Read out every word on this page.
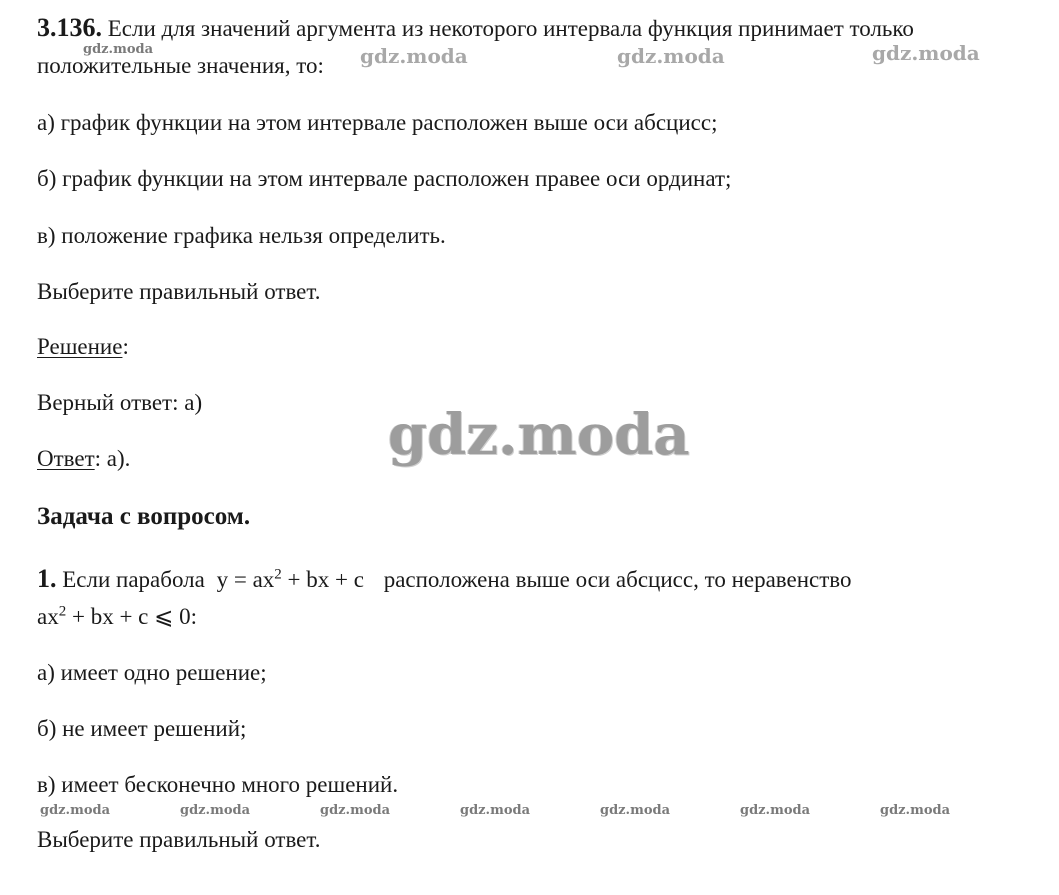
3.136. Если для значений аргумента из некоторого интервала функция принимает только
положительные значения, то:
а) график функции на этом интервале расположен выше оси абсцисс;
б) график функции на этом интервале расположен правее оси ординат;
в) положение графика нельзя определить.
Выберите правильный ответ.
Решение:
Верный ответ: а)
Ответ: а).
Задача с вопросом.
1. Если парабола $y = ax^2$ + bx + c расположена выше оси абсцисс, то неравенство
$ax^2$ + bx + c ⩽ 0:
а) имеет одно решение;
б) не имеет решений;
в) имеет бесконечно много решений.
Выберите правильный ответ.
gdz.moda	gdz.moda	gdz.moda	gdz.moda
gdz.moda
gdz.moda	gdz.moda	gdz.moda	gdz.moda	gdz.moda	gdz.moda	gdz.moda
